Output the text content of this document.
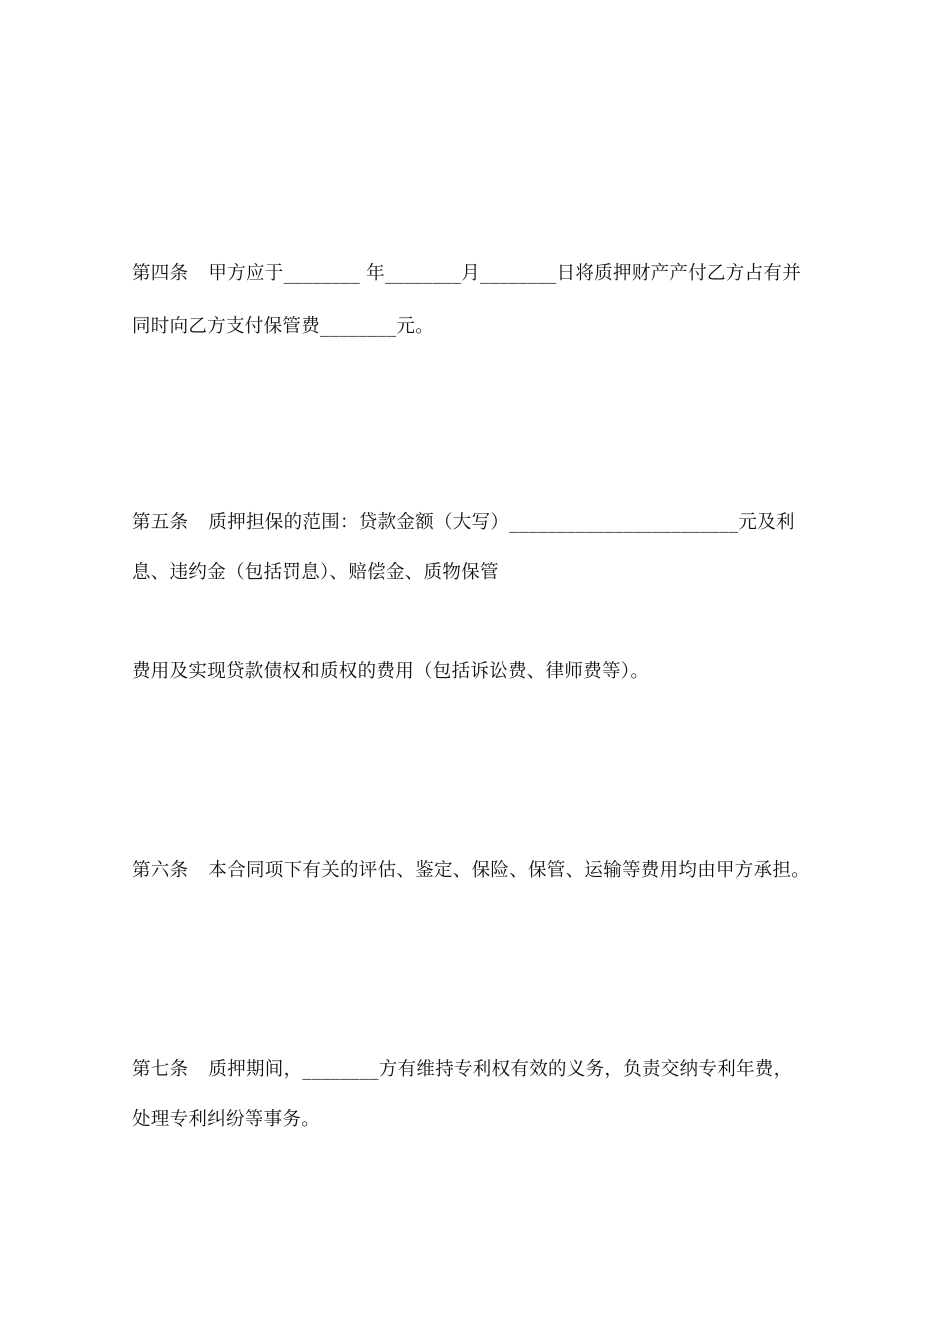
第四条 甲方应于________ 年________月________日将质押财产产付乙方占有并
同时向乙方支付保管费________元。
第五条 质押担保的范围：贷款金额（大写）________________________元及利
息、违约金（包括罚息）、赔偿金、质物保管
费用及实现贷款债权和质权的费用（包括诉讼费、律师费等）。
第六条 本合同项下有关的评估、鉴定、保险、保管、运输等费用均由甲方承担。
第七条 质押期间，________方有维持专利权有效的义务，负责交纳专利年费，
处理专利纠纷等事务。
